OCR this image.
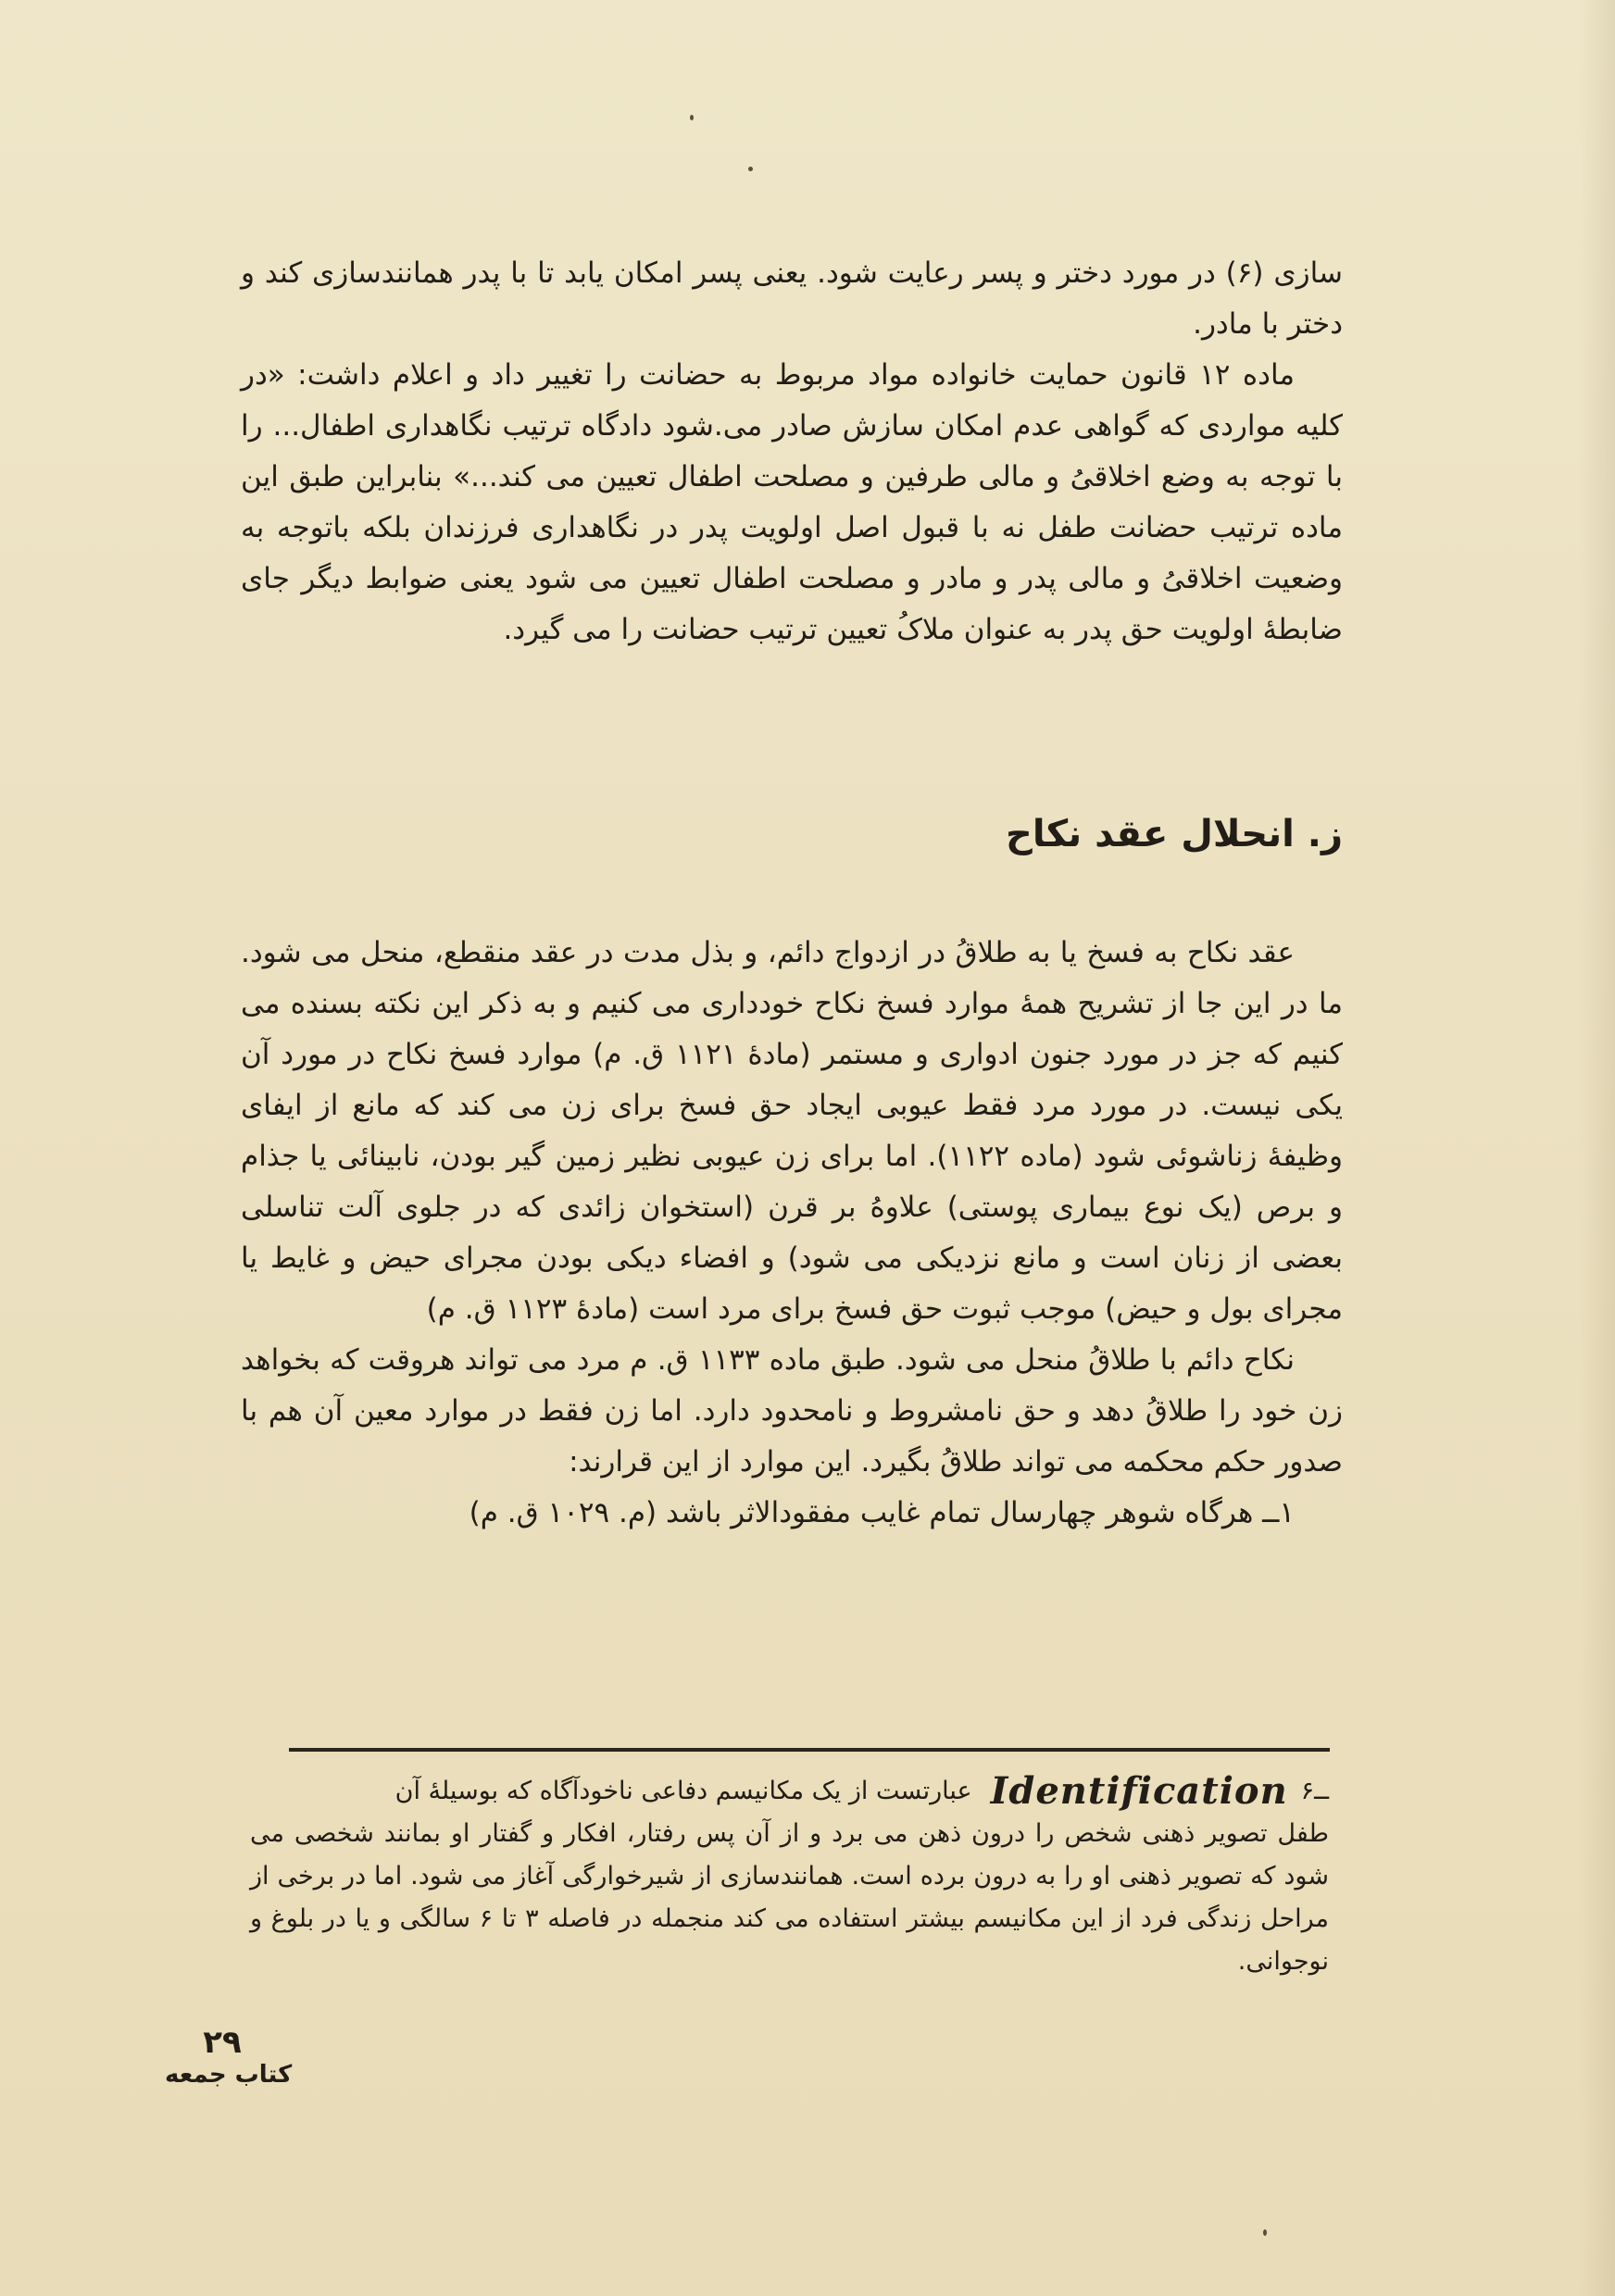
سازی (۶) در مورد دختر و پسر رعایت شود. یعنی پسر امکان یابد تا با پدر همانندسازی کند و دختر با مادر.

ماده ۱۲ قانون حمایت خانواده مواد مربوط به حضانت را تغییر داد و اعلام داشت: «در کلیه مواردی که گواهی عدم امکان سازش صادر می.شود دادگاه ترتیب نگاهداری اطفال... را با توجه به وضع اخلاقیُ و مالی طرفین و مصلحت اطفال تعیین می کند...» بنابراین طبق این ماده ترتیب حضانت طفل نه با قبول اصل اولویت پدر در نگاهداری فرزندان بلکه باتوجه به وضعیت اخلاقیُ و مالی پدر و مادر و مصلحت اطفال تعیین می شود یعنی ضوابط دیگر جای ضابطهٔ اولویت حق پدر به عنوان ملاکُ تعیین ترتیب حضانت را می گیرد.

ز. انحلال عقد نکاح

عقد نکاح به فسخ یا به طلاقُ در ازدواج دائم، و بذل مدت در عقد منقطع، منحل می شود. ما در این جا از تشریح همهٔ موارد فسخ نکاح خودداری می کنیم و به ذکر این نکته بسنده می کنیم که جز در مورد جنون ادواری و مستمر (مادهٔ ۱۱۲۱ ق. م) موارد فسخ نکاح در مورد آن یکی نیست. در مورد مرد فقط عیوبی ایجاد حق فسخ برای زن می کند که مانع از ایفای وظیفهٔ زناشوئی شود (ماده ۱۱۲۲). اما برای زن عیوبی نظیر زمین گیر بودن، نابینائی یا جذام و برص (یک نوع بیماری پوستی) علاوهُ بر قرن (استخوان زائدی که در جلوی آلت تناسلی بعضی از زنان است و مانع نزدیکی می شود) و افضاء دیکی بودن مجرای حیض و غایط یا مجرای بول و حیض) موجب ثبوت حق فسخ برای مرد است (مادهٔ ۱۱۲۳ ق. م)

نکاح دائم با طلاقُ منحل می شود. طبق ماده ۱۱۳۳ ق. م مرد می تواند هروقت که بخواهد زن خود را طلاقُ دهد و حق نامشروط و نامحدود دارد. اما زن فقط در موارد معین آن هم با صدور حکم محکمه می تواند طلاقُ بگیرد. این موارد از این قرارند:

۱ــ هرگاه شوهر چهارسال تمام غایب مفقودالاثر باشد (م. ۱۰۲۹ ق. م)

ــ۶
Identification
عبارتست از یک مکانیسم دفاعی ناخودآگاه که بوسیلهٔ آن

طفل تصویر ذهنی شخص را درون ذهن می برد و از آن پس رفتار، افکار و گفتار او بمانند شخصی می شود که تصویر ذهنی او را به درون برده است. همانندسازی از شیرخوارگی آغاز می شود. اما در برخی از مراحل زندگی فرد از این مکانیسم بیشتر استفاده می کند منجمله در فاصله ۳ تا ۶ سالگی و یا در بلوغ و نوجوانی.

۲۹
کتاب جمعه
